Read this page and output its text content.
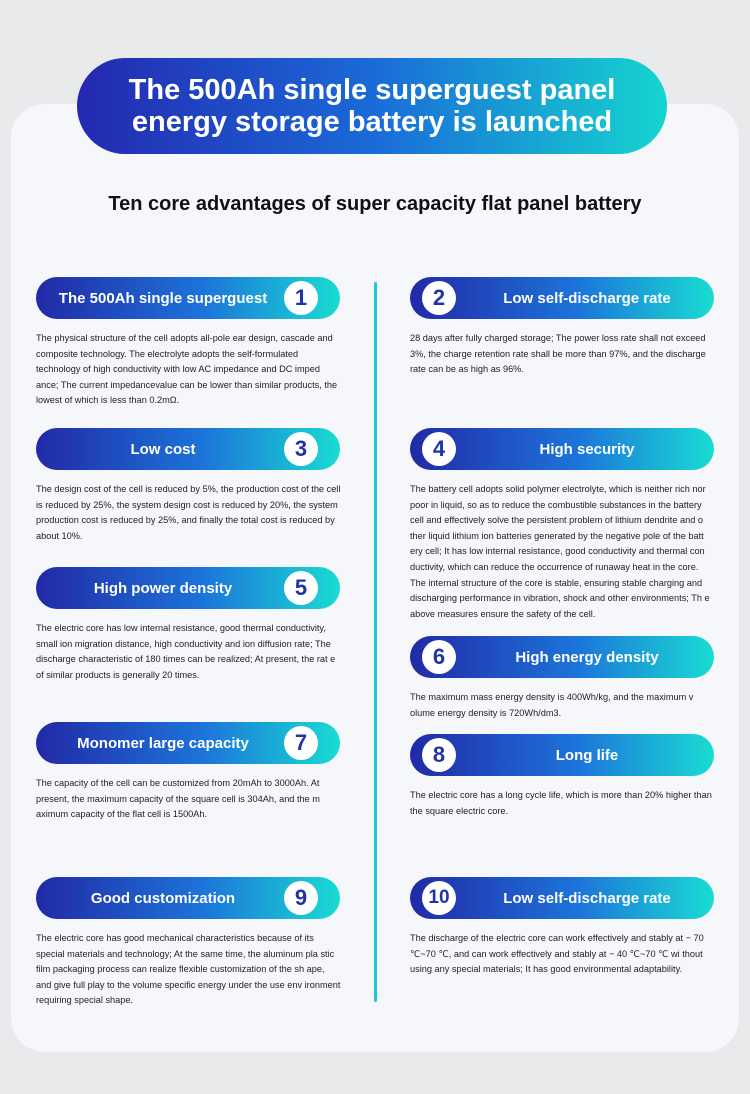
The 500Ah single superguest panel energy storage battery is launched
Ten core advantages of super capacity flat panel battery
The 500Ah single superguest	1
The physical structure of the cell adopts all-pole ear design, cascade and composite technology. The electrolyte adopts the self-formulated technology of high conductivity with low AC impedance and DC imped ance; The current impedancevalue can be lower than similar products, the lowest of which is less than 0.2mΩ.
Low cost	3
The design cost of the cell is reduced by 5%, the production cost of the cell is reduced by 25%, the system design cost is reduced by 20%, the system production cost is reduced by 25%, and finally the total cost is reduced by about 10%.
High power density	5
The electric core has low internal resistance, good thermal conductivity, small ion migration distance, high conductivity and ion diffusion rate; The discharge characteristic of 180 times can be realized; At present, the rat e of similar products is generally 20 times.
Monomer large capacity	7
The capacity of the cell can be customized from 20mAh to 3000Ah. At present, the maximum capacity of the square cell is 304Ah, and the m aximum capacity of the flat cell is 1500Ah.
Good customization	9
The electric core has good mechanical characteristics because of its special materials and technology; At the same time, the aluminum pla stic film packaging process can realize flexible customization of the sh ape, and give full play to the volume specific energy under the use env ironment requiring special shape.
2	Low self-discharge rate
28 days after fully charged storage; The power loss rate shall not exceed 3%, the charge retention rate shall be more than 97%, and the discharge rate can be as high as 96%.
4	High security
The battery cell adopts solid polymer electrolyte, which is neither rich nor poor in liquid, so as to reduce the combustible substances in the battery cell and effectively solve the persistent problem of lithium dendrite and o ther liquid lithium ion batteries generated by the negative pole of the batt ery cell; It has low internal resistance, good conductivity and thermal con ductivity, which can reduce the occurrence of runaway heat in the core. The internal structure of the core is stable, ensuring stable charging and discharging performance in vibration, shock and other environments; Th e above measures ensure the safety of the cell.
6	High energy density
The maximum mass energy density is 400Wh/kg, and the maximum v olume energy density is 720Wh/dm3.
8	Long life
The electric core has a long cycle life, which is more than 20% higher than the square electric core.
10	Low self-discharge rate
The discharge of the electric core can work effectively and stably at − 70 ℃~70 ℃, and can work effectively and stably at − 40 ℃~70 ℃ wi thout using any special materials; It has good environmental adaptability.
